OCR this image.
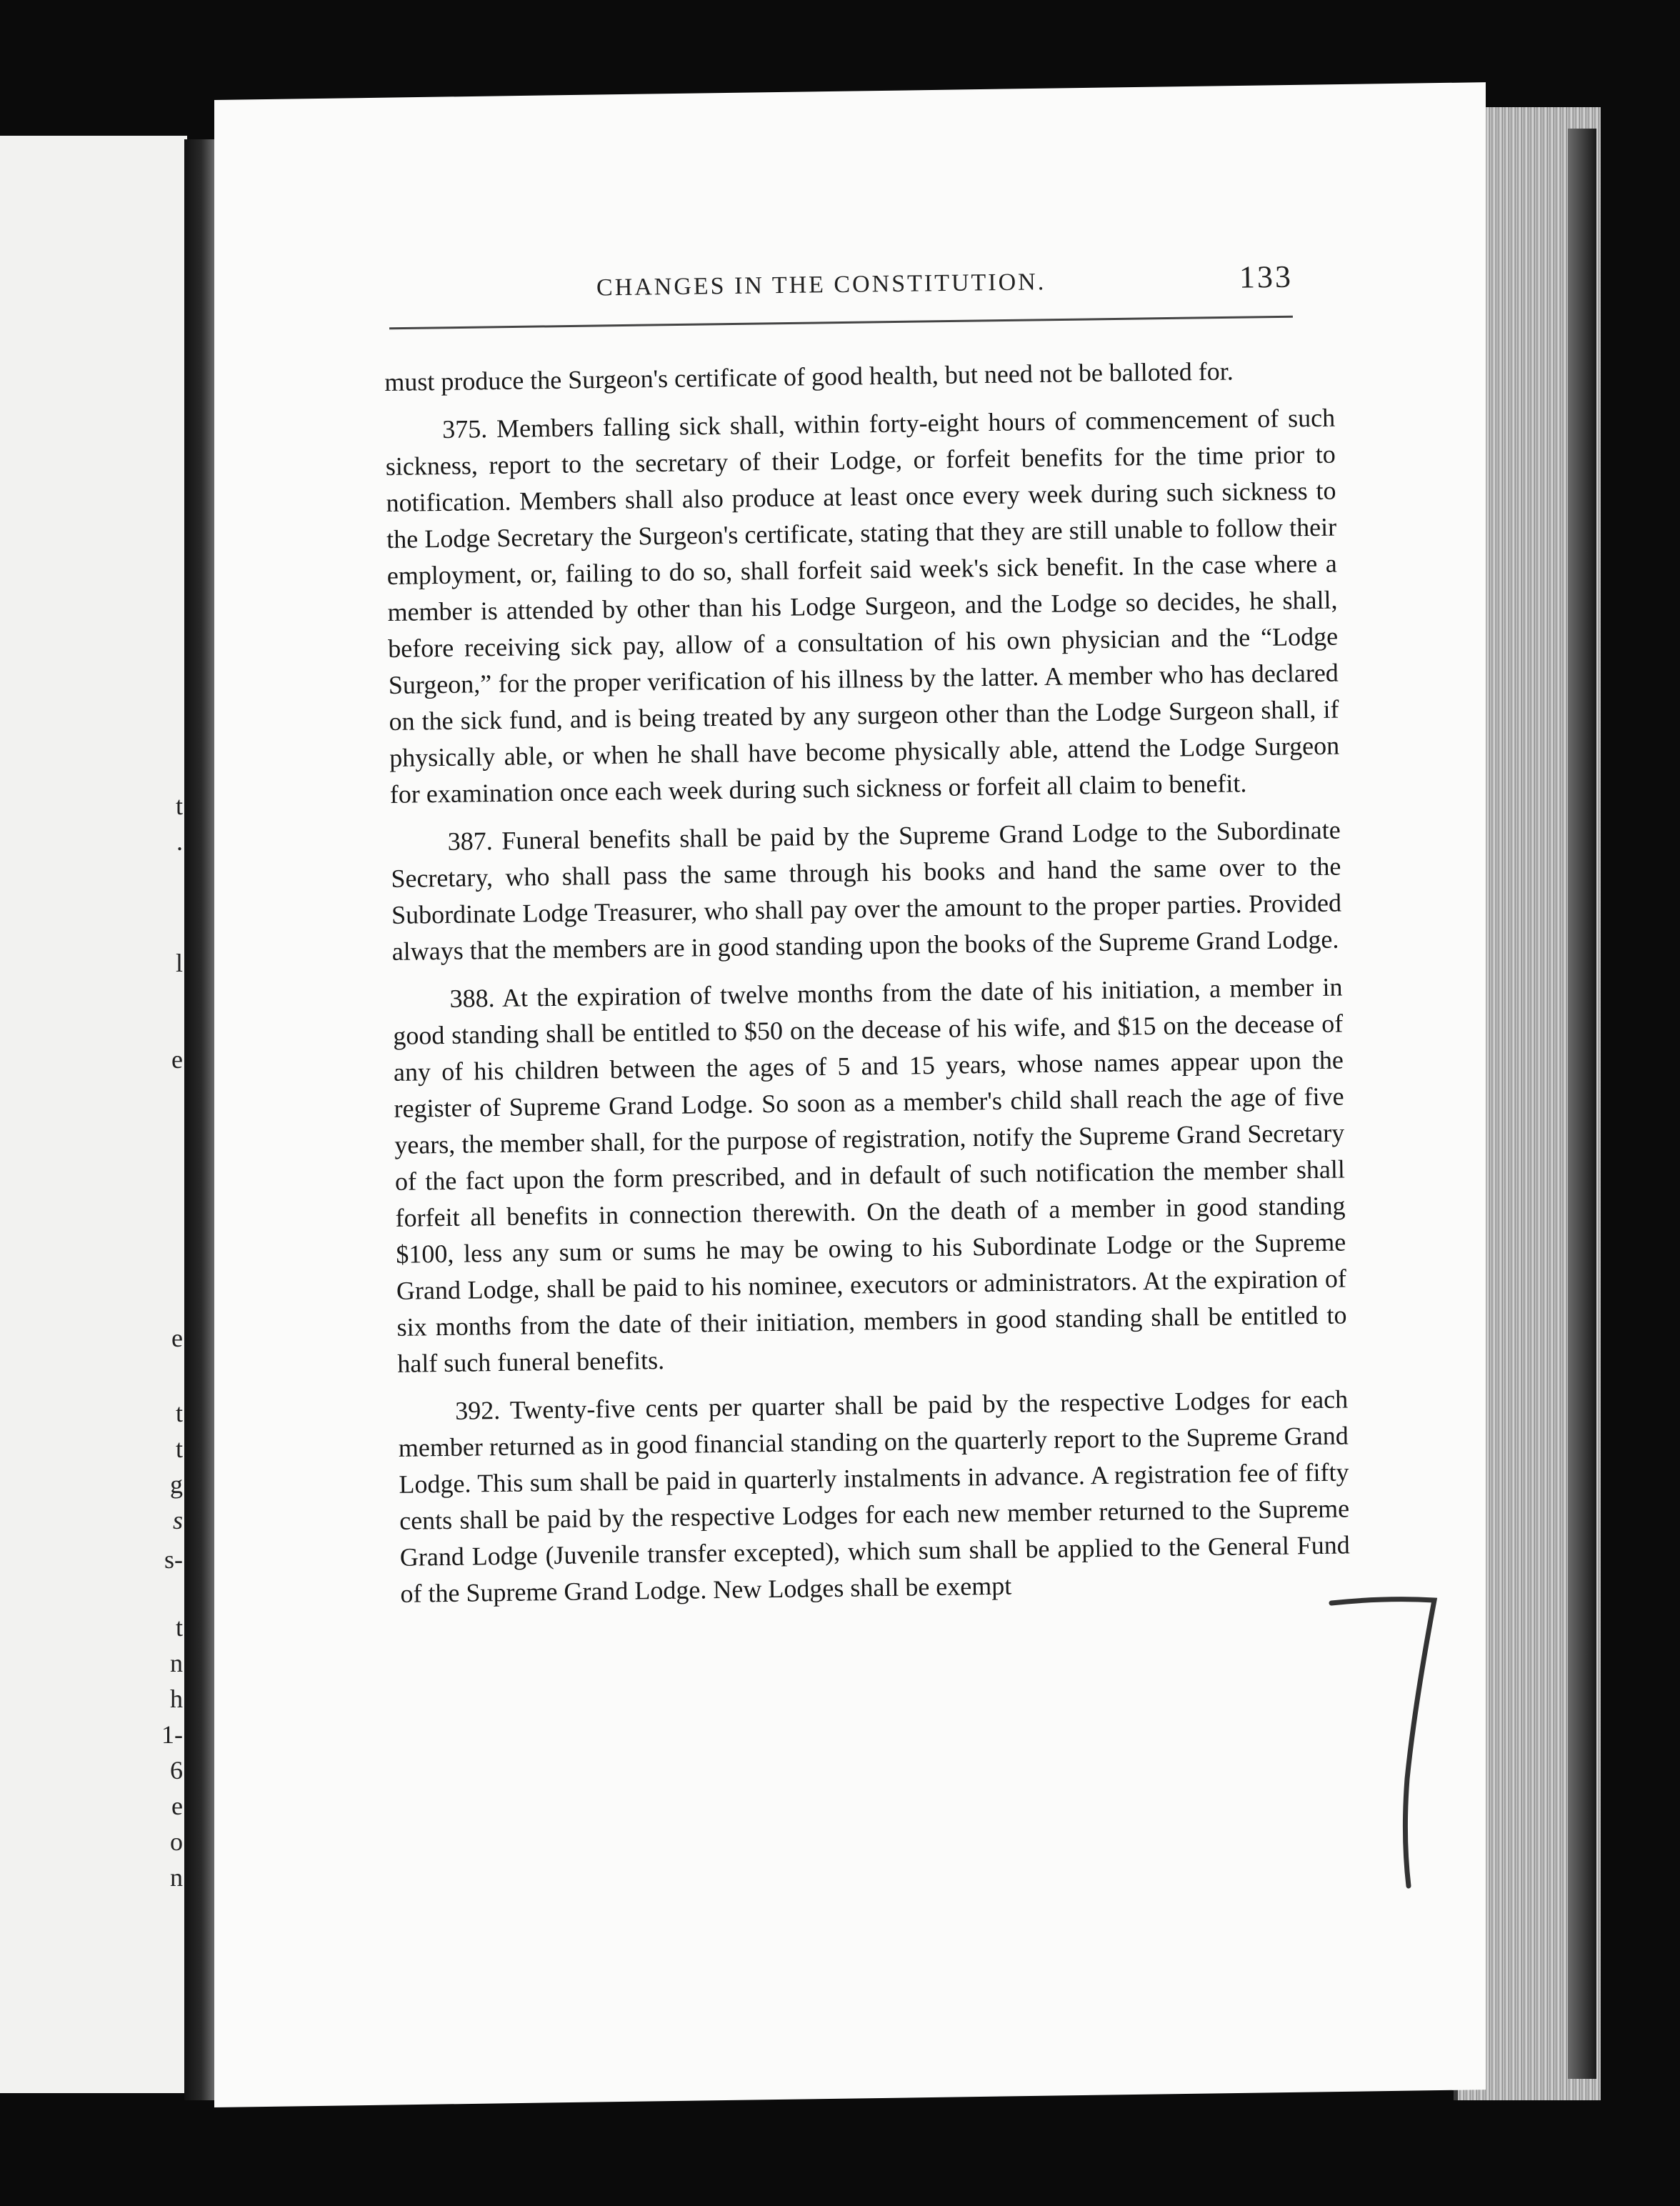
t
.
l
e
e
t
t
g
s
s-
t
n
h
1-
6
e
o
n
CHANGES IN THE CONSTITUTION.	133

must produce the Surgeon's certificate of good health, but need not be balloted for.

375. Members falling sick shall, within forty-eight hours of commencement of such sickness, report to the secretary of their Lodge, or forfeit benefits for the time prior to notification. Members shall also produce at least once every week during such sickness to the Lodge Secretary the Surgeon's certificate, stating that they are still unable to follow their employment, or, failing to do so, shall forfeit said week's sick benefit. In the case where a member is attended by other than his Lodge Surgeon, and the Lodge so decides, he shall, before receiving sick pay, allow of a consultation of his own physician and the “Lodge Surgeon,” for the proper verification of his illness by the latter. A member who has declared on the sick fund, and is being treated by any surgeon other than the Lodge Surgeon shall, if physically able, or when he shall have become physically able, attend the Lodge Surgeon for examination once each week during such sickness or forfeit all claim to benefit.

387. Funeral benefits shall be paid by the Supreme Grand Lodge to the Subordinate Secretary, who shall pass the same through his books and hand the same over to the Subordinate Lodge Treasurer, who shall pay over the amount to the proper parties. Provided always that the members are in good standing upon the books of the Supreme Grand Lodge.

388. At the expiration of twelve months from the date of his initiation, a member in good standing shall be entitled to $50 on the decease of his wife, and $15 on the decease of any of his children between the ages of 5 and 15 years, whose names appear upon the register of Supreme Grand Lodge. So soon as a member's child shall reach the age of five years, the member shall, for the purpose of registration, notify the Supreme Grand Secretary of the fact upon the form prescribed, and in default of such notification the member shall forfeit all benefits in connection therewith. On the death of a member in good standing $100, less any sum or sums he may be owing to his Subordinate Lodge or the Supreme Grand Lodge, shall be paid to his nominee, executors or administrators. At the expiration of six months from the date of their initiation, members in good standing shall be entitled to half such funeral benefits.

392. Twenty-five cents per quarter shall be paid by the respective Lodges for each member returned as in good financial standing on the quarterly report to the Supreme Grand Lodge. This sum shall be paid in quarterly instalments in advance. A registration fee of fifty cents shall be paid by the respective Lodges for each new member returned to the Supreme Grand Lodge (Juvenile transfer excepted), which sum shall be applied to the General Fund of the Supreme Grand Lodge. New Lodges shall be exempt
